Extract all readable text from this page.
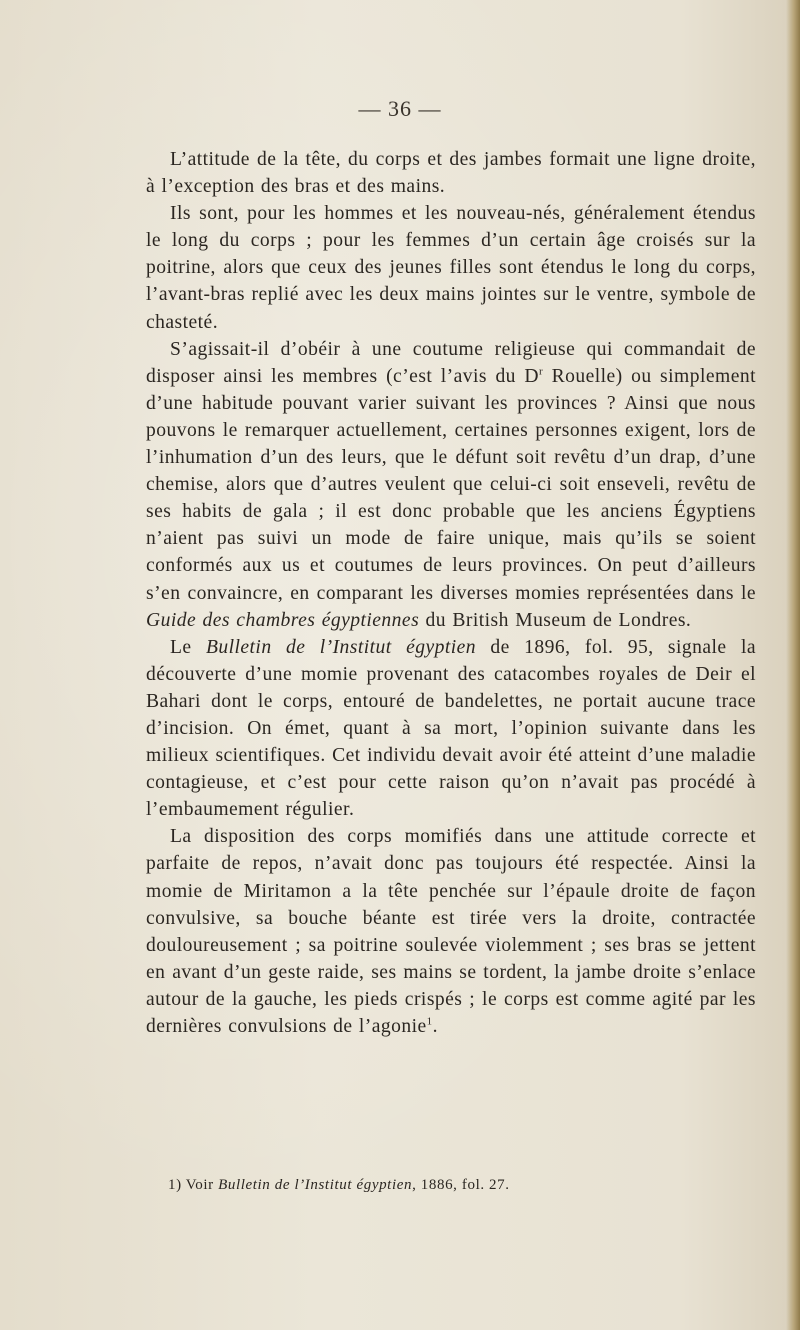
— 36 —

L’attitude de la tête, du corps et des jambes formait une ligne droite, à l’exception des bras et des mains.

Ils sont, pour les hommes et les nouveau-nés, généralement étendus le long du corps ; pour les femmes d’un certain âge croisés sur la poitrine, alors que ceux des jeunes filles sont étendus le long du corps, l’avant-bras replié avec les deux mains jointes sur le ventre, symbole de chasteté.

S’agissait-il d’obéir à une coutume religieuse qui commandait de disposer ainsi les membres (c’est l’avis du $D^r$ Rouelle) ou simplement d’une habitude pouvant varier suivant les provinces ? Ainsi que nous pouvons le remarquer actuellement, certaines personnes exigent, lors de l’inhumation d’un des leurs, que le défunt soit revêtu d’un drap, d’une chemise, alors que d’autres veulent que celui-ci soit enseveli, revêtu de ses habits de gala ; il est donc probable que les anciens Égyptiens n’aient pas suivi un mode de faire unique, mais qu’ils se soient conformés aux us et coutumes de leurs provinces. On peut d’ailleurs s’en convaincre, en comparant les diverses momies représentées dans le Guide des chambres égyptiennes du British Museum de Londres.

Le Bulletin de l’Institut égyptien de 1896, fol. 95, signale la découverte d’une momie provenant des catacombes royales de Deir el Bahari dont le corps, entouré de bandelettes, ne portait aucune trace d’incision. On émet, quant à sa mort, l’opinion suivante dans les milieux scientifiques. Cet individu devait avoir été atteint d’une maladie contagieuse, et c’est pour cette raison qu’on n’avait pas procédé à l’embaumement régulier.

La disposition des corps momifiés dans une attitude correcte et parfaite de repos, n’avait donc pas toujours été respectée. Ainsi la momie de Miritamon a la tête penchée sur l’épaule droite de façon convulsive, sa bouche béante est tirée vers la droite, contractée douloureusement ; sa poitrine soulevée violemment ; ses bras se jettent en avant d’un geste raide, ses mains se tordent, la jambe droite s’enlace autour de la gauche, les pieds crispés ; le corps est comme agité par les dernières convulsions de l’agonie$^1$.

1) Voir Bulletin de l’Institut égyptien, 1886, fol. 27.
